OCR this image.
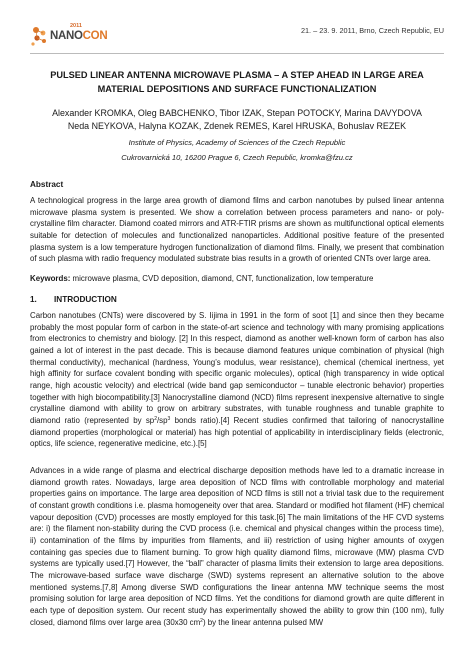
2011
NANOCON	21. – 23. 9. 2011, Brno, Czech Republic, EU
PULSED LINEAR ANTENNA MICROWAVE PLASMA – A STEP AHEAD IN LARGE AREA
MATERIAL DEPOSITIONS AND SURFACE FUNCTIONALIZATION
Alexander KROMKA, Oleg BABCHENKO, Tibor IZAK, Stepan POTOCKY, Marina DAVYDOVA
Neda NEYKOVA, Halyna KOZAK, Zdenek REMES, Karel HRUSKA, Bohuslav REZEK
Institute of Physics, Academy of Sciences of the Czech Republic
Cukrovarnická 10, 16200 Prague 6, Czech Republic, kromka@fzu.cz
Abstract
A technological progress in the large area growth of diamond films and carbon nanotubes by pulsed linear antenna microwave plasma system is presented. We show a correlation between process parameters and nano- or poly-crystalline film character. Diamond coated mirrors and ATR-FTIR prisms are shown as multifunctional optical elements suitable for detection of molecules and functionalized nanoparticles. Additional positive feature of the presented plasma system is a low temperature hydrogen functionalization of diamond films. Finally, we present that combination of such plasma with radio frequency modulated substrate bias results in a growth of oriented CNTs over large area.
Keywords: microwave plasma, CVD deposition, diamond, CNT, functionalization, low temperature
1. INTRODUCTION
Carbon nanotubes (CNTs) were discovered by S. Iijima in 1991 in the form of soot [1] and since then they became probably the most popular form of carbon in the state-of-art science and technology with many promising applications from electronics to chemistry and biology. [2] In this respect, diamond as another well-known form of carbon has also gained a lot of interest in the past decade. This is because diamond features unique combination of physical (high thermal conductivity), mechanical (hardness, Young’s modulus, wear resistance), chemical (chemical inertness, yet high affinity for surface covalent bonding with specific organic molecules), optical (high transparency in wide optical range, high acoustic velocity) and electrical (wide band gap semiconductor – tunable electronic behavior) properties together with high biocompatibility.[3] Nanocrystalline diamond (NCD) films represent inexpensive alternative to single crystalline diamond with ability to grow on arbitrary substrates, with tunable roughness and tunable graphite to diamond ratio (represented by $sp^2/sp^3$ bonds ratio).[4] Recent studies confirmed that tailoring of nanocrystalline diamond properties (morphological or material) has high potential of applicability in interdisciplinary fields (electronic, optics, life science, regenerative medicine, etc.).[5]
Advances in a wide range of plasma and electrical discharge deposition methods have led to a dramatic increase in diamond growth rates. Nowadays, large area deposition of NCD films with controllable morphology and material properties gains on importance. The large area deposition of NCD films is still not a trivial task due to the requirement of constant growth conditions i.e. plasma homogeneity over that area. Standard or modified hot filament (HF) chemical vapour deposition (CVD) processes are mostly employed for this task.[6] The main limitations of the HF CVD systems are: i) the filament non-stability during the CVD process (i.e. chemical and physical changes within the process time), ii) contamination of the films by impurities from filaments, and iii) restriction of using higher amounts of oxygen containing gas species due to filament burning. To grow high quality diamond films, microwave (MW) plasma CVD systems are typically used.[7] However, the “ball” character of plasma limits their extension to large area depositions. The microwave-based surface wave discharge (SWD) systems represent an alternative solution to the above mentioned systems.[7,8] Among diverse SWD configurations the linear antenna MW technique seems the most promising solution for large area deposition of NCD films. Yet the conditions for diamond growth are quite different in each type of deposition system. Our recent study has experimentally showed the ability to grow thin (100 nm), fully closed, diamond films over large area (30x30 $cm^2$) by the linear antenna pulsed MW
